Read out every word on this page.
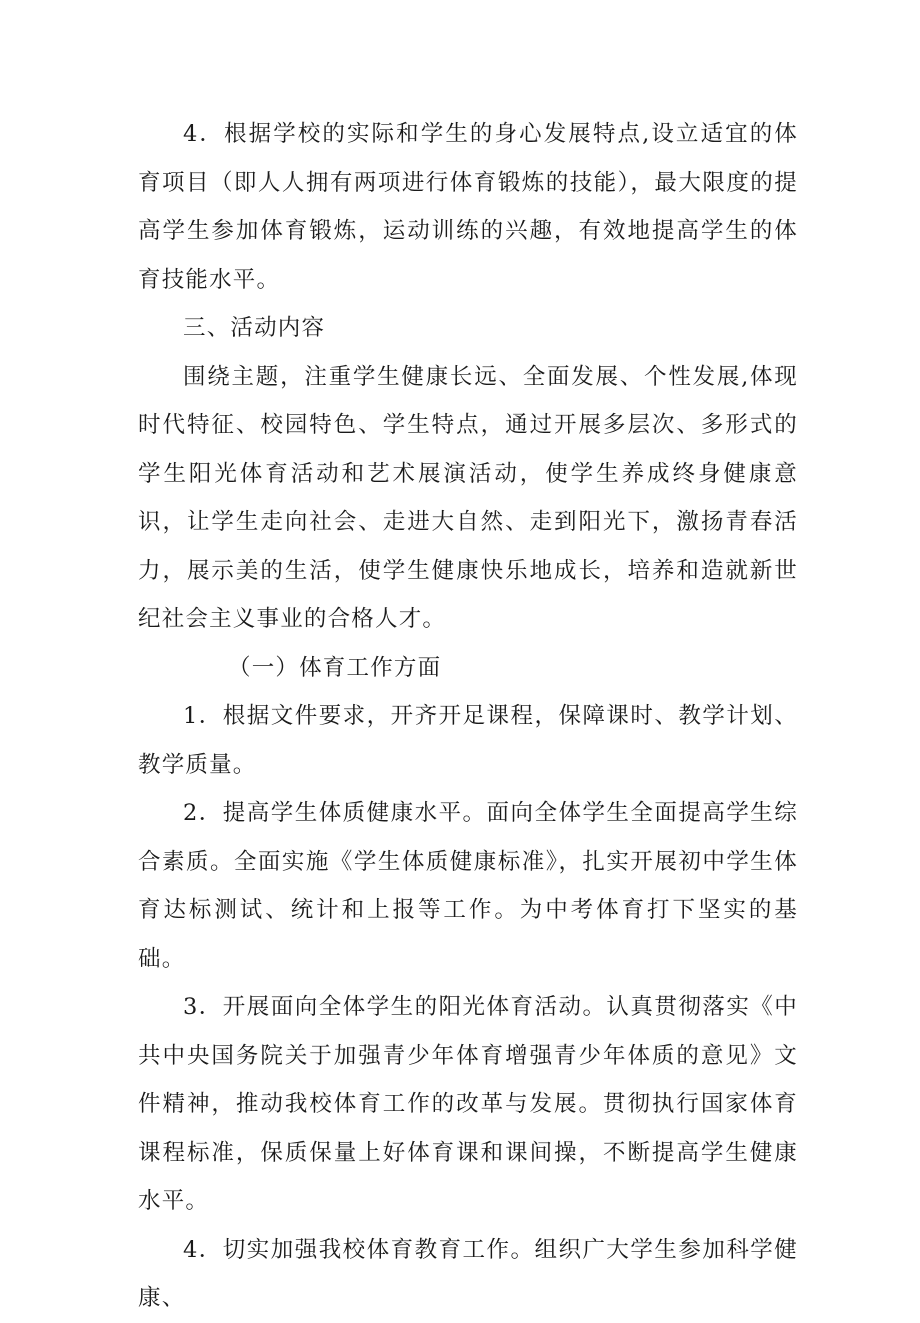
4．根据学校的实际和学生的身心发展特点,设立适宜的体育项目（即人人拥有两项进行体育锻炼的技能），最大限度的提高学生参加体育锻炼，运动训练的兴趣，有效地提高学生的体育技能水平。

三、活动内容

围绕主题，注重学生健康长远、全面发展、个性发展,体现时代特征、校园特色、学生特点，通过开展多层次、多形式的学生阳光体育活动和艺术展演活动，使学生养成终身健康意识，让学生走向社会、走进大自然、走到阳光下，激扬青春活力，展示美的生活，使学生健康快乐地成长，培养和造就新世纪社会主义事业的合格人才。

（一）体育工作方面

1．根据文件要求，开齐开足课程，保障课时、教学计划、教学质量。

2．提高学生体质健康水平。面向全体学生全面提高学生综合素质。全面实施《学生体质健康标准》，扎实开展初中学生体育达标测试、统计和上报等工作。为中考体育打下坚实的基础。

3．开展面向全体学生的阳光体育活动。认真贯彻落实《中共中央国务院关于加强青少年体育增强青少年体质的意见》文件精神，推动我校体育工作的改革与发展。贯彻执行国家体育课程标准，保质保量上好体育课和课间操，不断提高学生健康水平。

4．切实加强我校体育教育工作。组织广大学生参加科学健康、
